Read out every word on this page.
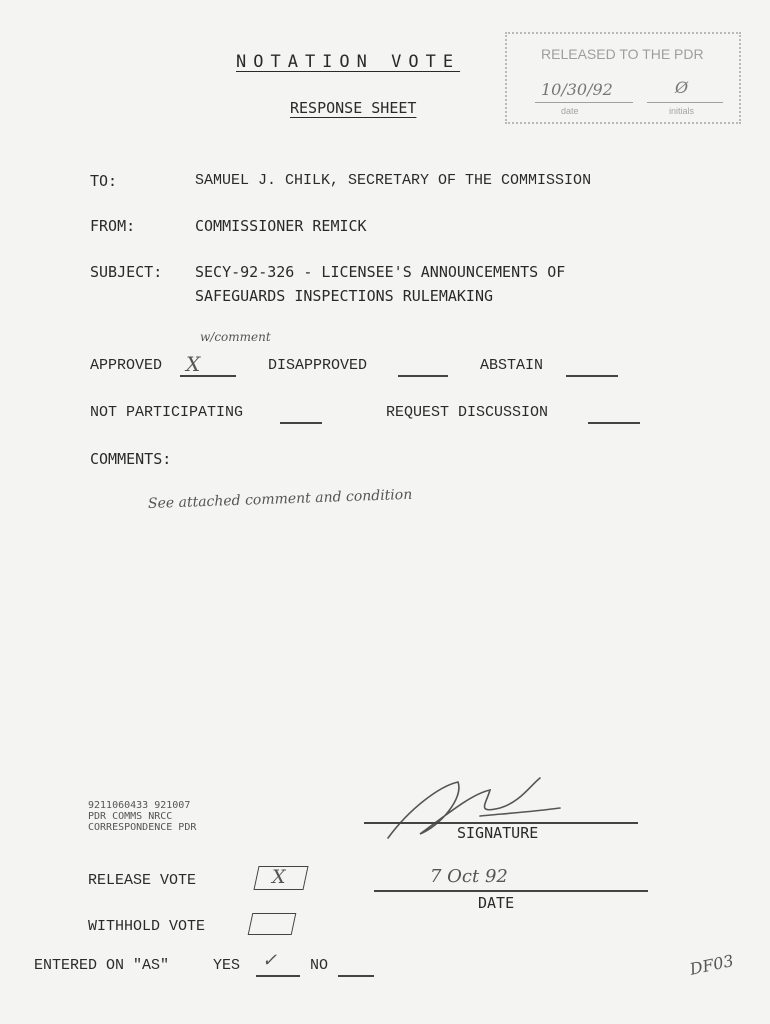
NOTATION VOTE
RESPONSE SHEET
RELEASED TO THE PDR
10/30/92	Ø
date	initials
TO:	SAMUEL J. CHILK, SECRETARY OF THE COMMISSION
FROM:	COMMISSIONER REMICK
SUBJECT: SECY-92-326 - LICENSEE'S ANNOUNCEMENTS OF
SAFEGUARDS INSPECTIONS RULEMAKING
w/comment
APPROVED X	DISAPPROVED	ABSTAIN
NOT PARTICIPATING	REQUEST DISCUSSION
COMMENTS:
See attached comment and condition
9211060433 921007
PDR COMMS NRCC
CORRESPONDENCE PDR	SIGNATURE
RELEASE VOTE	X	7 Oct 92
DATE
WITHHOLD VOTE
ENTERED ON "AS"	YES ✓ NO	DF03
